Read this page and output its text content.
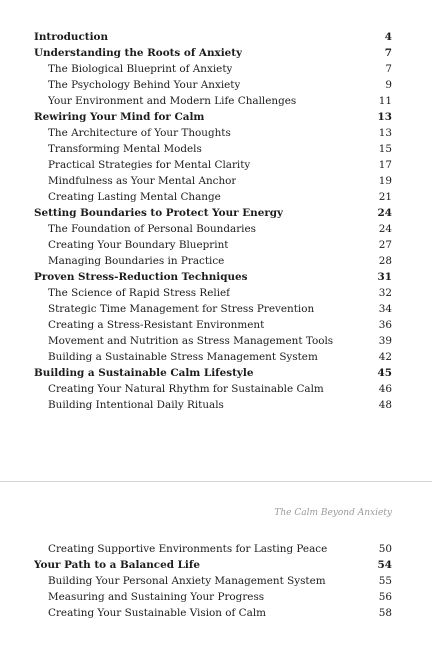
Introduction	4
Understanding the Roots of Anxiety	7
The Biological Blueprint of Anxiety	7
The Psychology Behind Your Anxiety	9
Your Environment and Modern Life Challenges	11
Rewiring Your Mind for Calm	13
The Architecture of Your Thoughts	13
Transforming Mental Models	15
Practical Strategies for Mental Clarity	17
Mindfulness as Your Mental Anchor	19
Creating Lasting Mental Change	21
Setting Boundaries to Protect Your Energy	24
The Foundation of Personal Boundaries	24
Creating Your Boundary Blueprint	27
Managing Boundaries in Practice	28
Proven Stress-Reduction Techniques	31
The Science of Rapid Stress Relief	32
Strategic Time Management for Stress Prevention	34
Creating a Stress-Resistant Environment	36
Movement and Nutrition as Stress Management Tools	39
Building a Sustainable Stress Management System	42
Building a Sustainable Calm Lifestyle	45
Creating Your Natural Rhythm for Sustainable Calm	46
Building Intentional Daily Rituals	48
The Calm Beyond Anxiety
Creating Supportive Environments for Lasting Peace	50
Your Path to a Balanced Life	54
Building Your Personal Anxiety Management System	55
Measuring and Sustaining Your Progress	56
Creating Your Sustainable Vision of Calm	58
